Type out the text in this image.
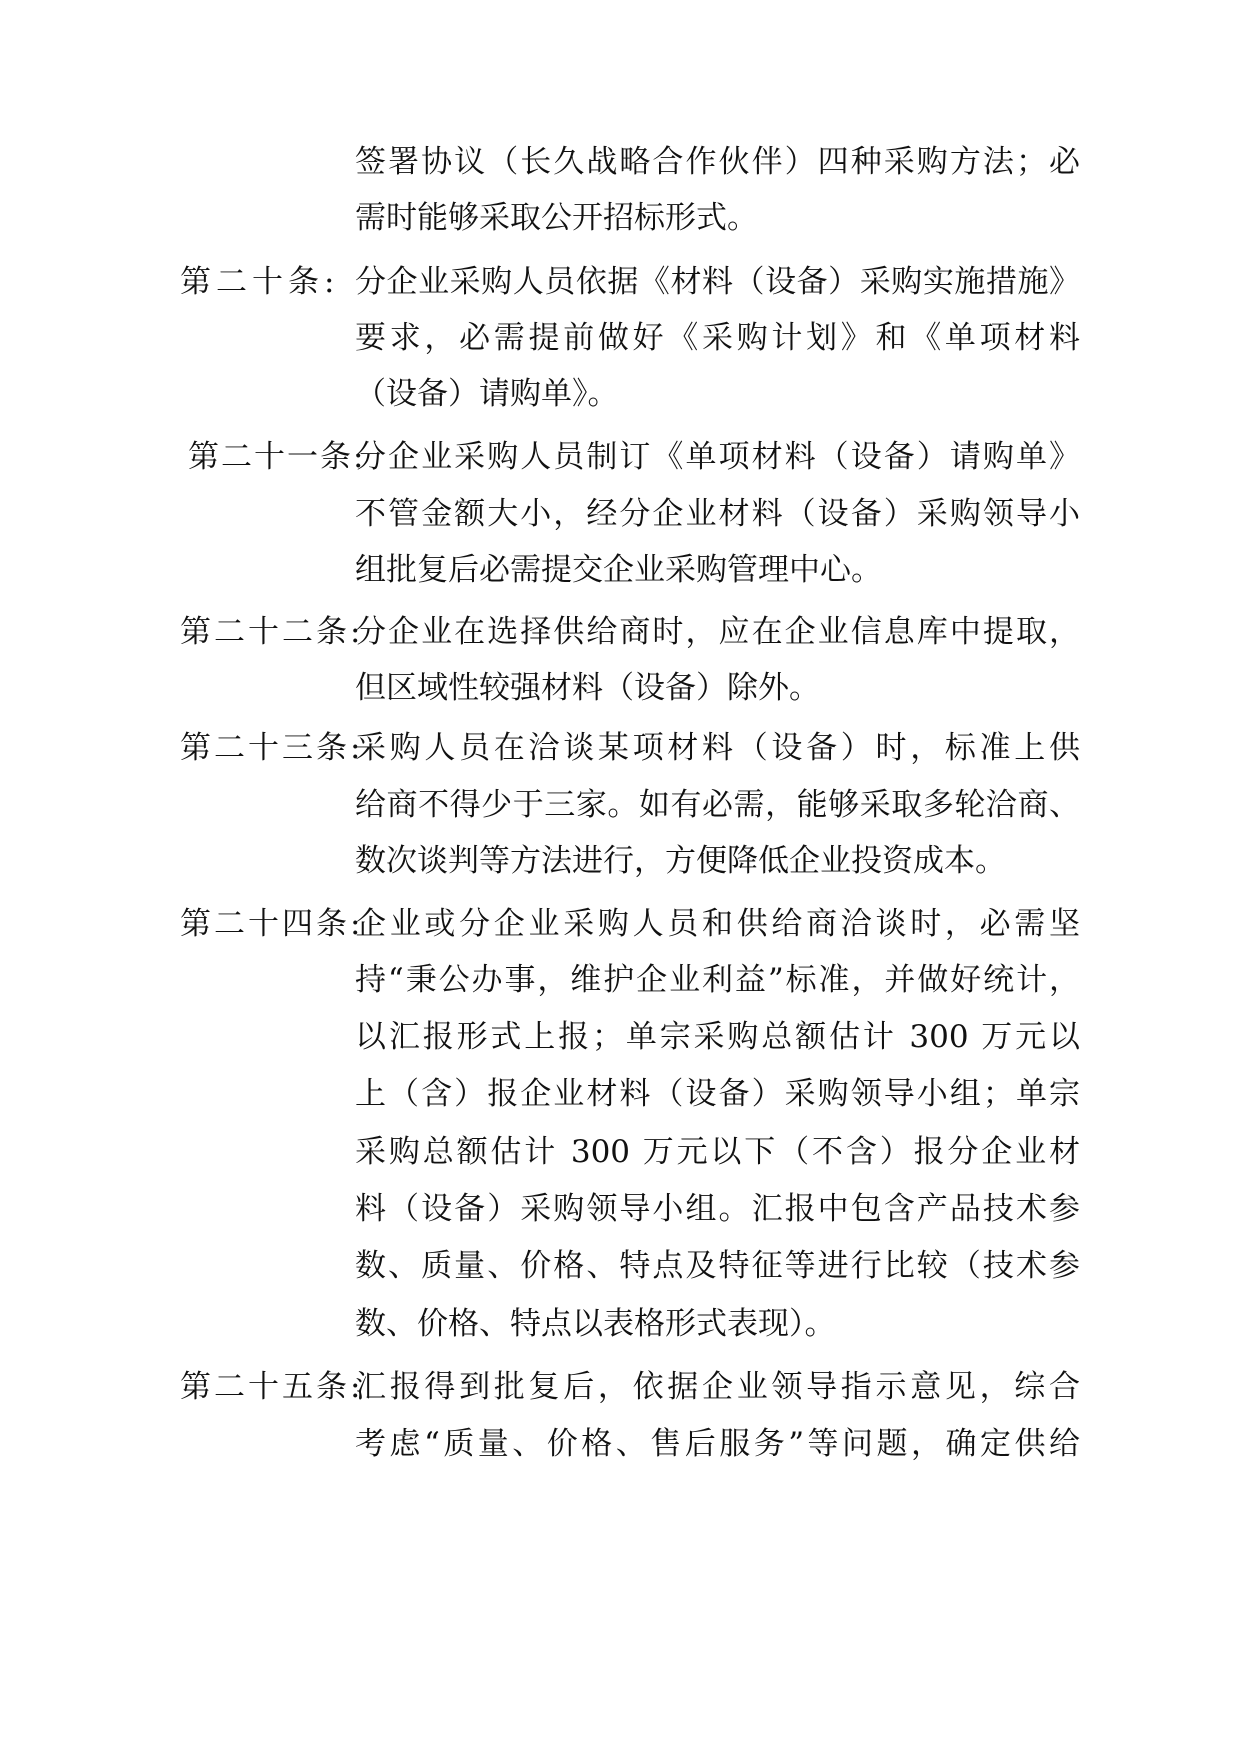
签署协议（长久战略合作伙伴）四种采购方法；必
需时能够采取公开招标形式。
第二十条: 分企业采购人员依据《材料（设备）采购实施措施》
要求，必需提前做好《采购计划》和《单项材料
（设备）请购单》。
第二十一条:分企业采购人员制订《单项材料（设备）请购单》
不管金额大小，经分企业材料（设备）采购领导小
组批复后必需提交企业采购管理中心。
第二十二条:分企业在选择供给商时，应在企业信息库中提取，
但区域性较强材料（设备）除外。
第二十三条:采购人员在洽谈某项材料（设备）时，标准上供
给商不得少于三家。如有必需，能够采取多轮洽商、
数次谈判等方法进行，方便降低企业投资成本。
第二十四条:企业或分企业采购人员和供给商洽谈时，必需坚
持“秉公办事，维护企业利益”标准，并做好统计，
以汇报形式上报；单宗采购总额估计 300 万元以
上（含）报企业材料（设备）采购领导小组；单宗
采购总额估计 300 万元以下（不含）报分企业材
料（设备）采购领导小组。汇报中包含产品技术参
数、质量、价格、特点及特征等进行比较（技术参
数、价格、特点以表格形式表现）。
第二十五条:汇报得到批复后，依据企业领导指示意见，综合
考虑“质量、价格、售后服务”等问题，确定供给
